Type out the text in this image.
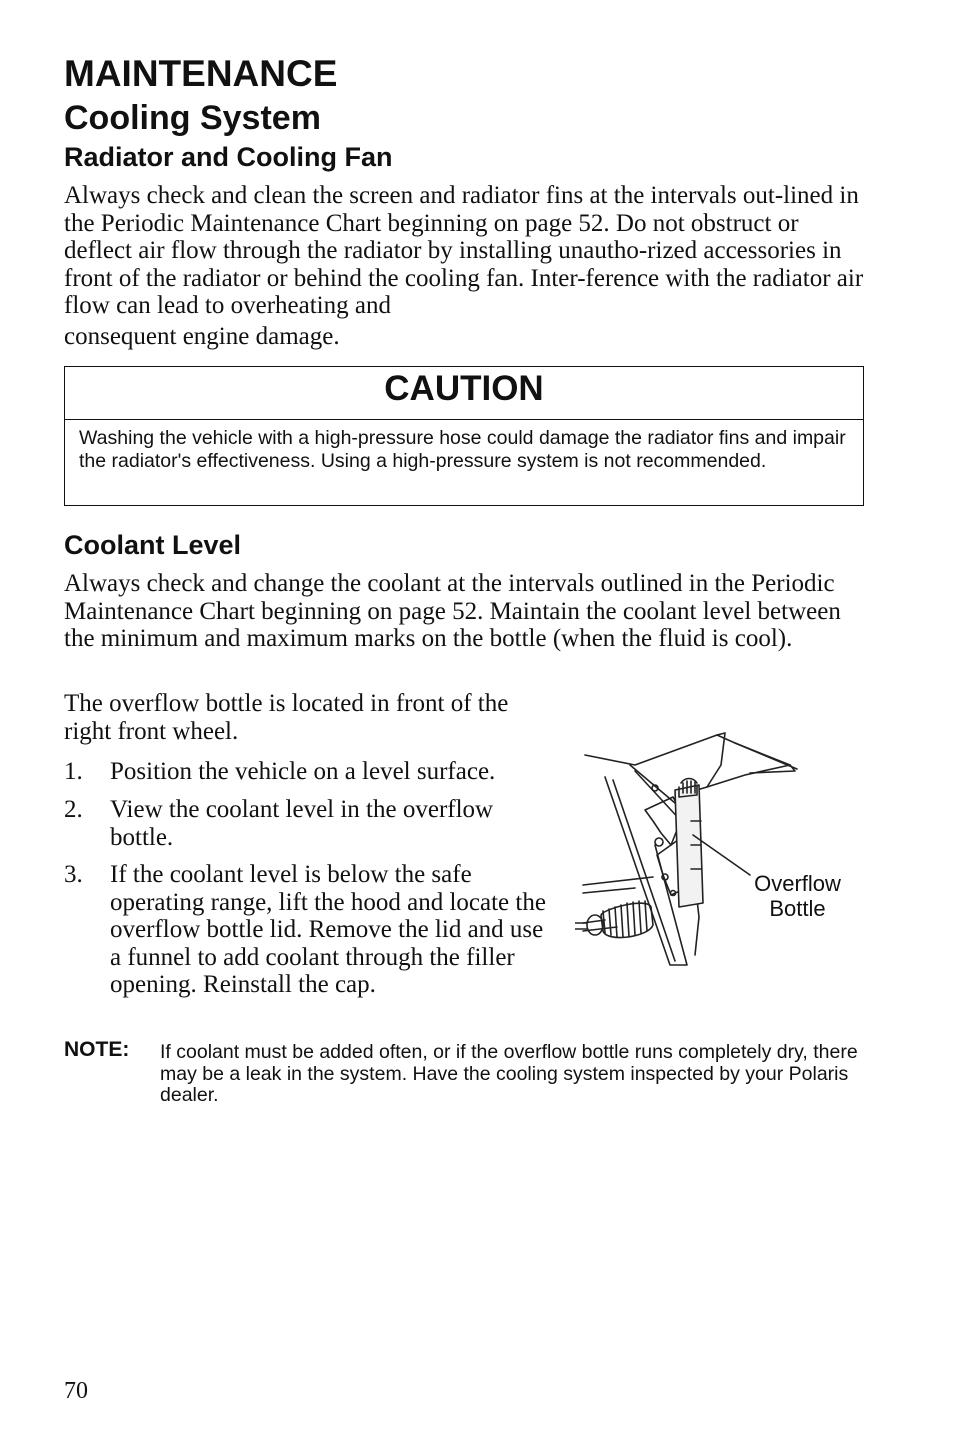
MAINTENANCE
Cooling System
Radiator and Cooling Fan

Always check and clean the screen and radiator fins at the intervals out-lined in the Periodic Maintenance Chart beginning on page 52. Do not obstruct or deflect air flow through the radiator by installing unautho-rized accessories in front of the radiator or behind the cooling fan. Inter-ference with the radiator air flow can lead to overheating and
consequent engine damage.

CAUTION

Washing the vehicle with a high-pressure hose could damage the radiator fins and impair the radiator's effectiveness. Using a high-pressure system is not recommended.

Coolant Level

Always check and change the coolant at the intervals outlined in the Periodic Maintenance Chart beginning on page 52. Maintain the coolant level between the minimum and maximum marks on the bottle (when the fluid is cool).

The overflow bottle is located in front of the right front wheel.

1. Position the vehicle on a level surface.
2. View the coolant level in the overflow bottle.
3. If the coolant level is below the safe operating range, lift the hood and locate the overflow bottle lid. Remove the lid and use a funnel to add coolant through the filler opening. Reinstall the cap.
Overflow
Bottle
NOTE: If coolant must be added often, or if the overflow bottle runs completely dry, there may be a leak in the system. Have the cooling system inspected by your Polaris dealer.

70
